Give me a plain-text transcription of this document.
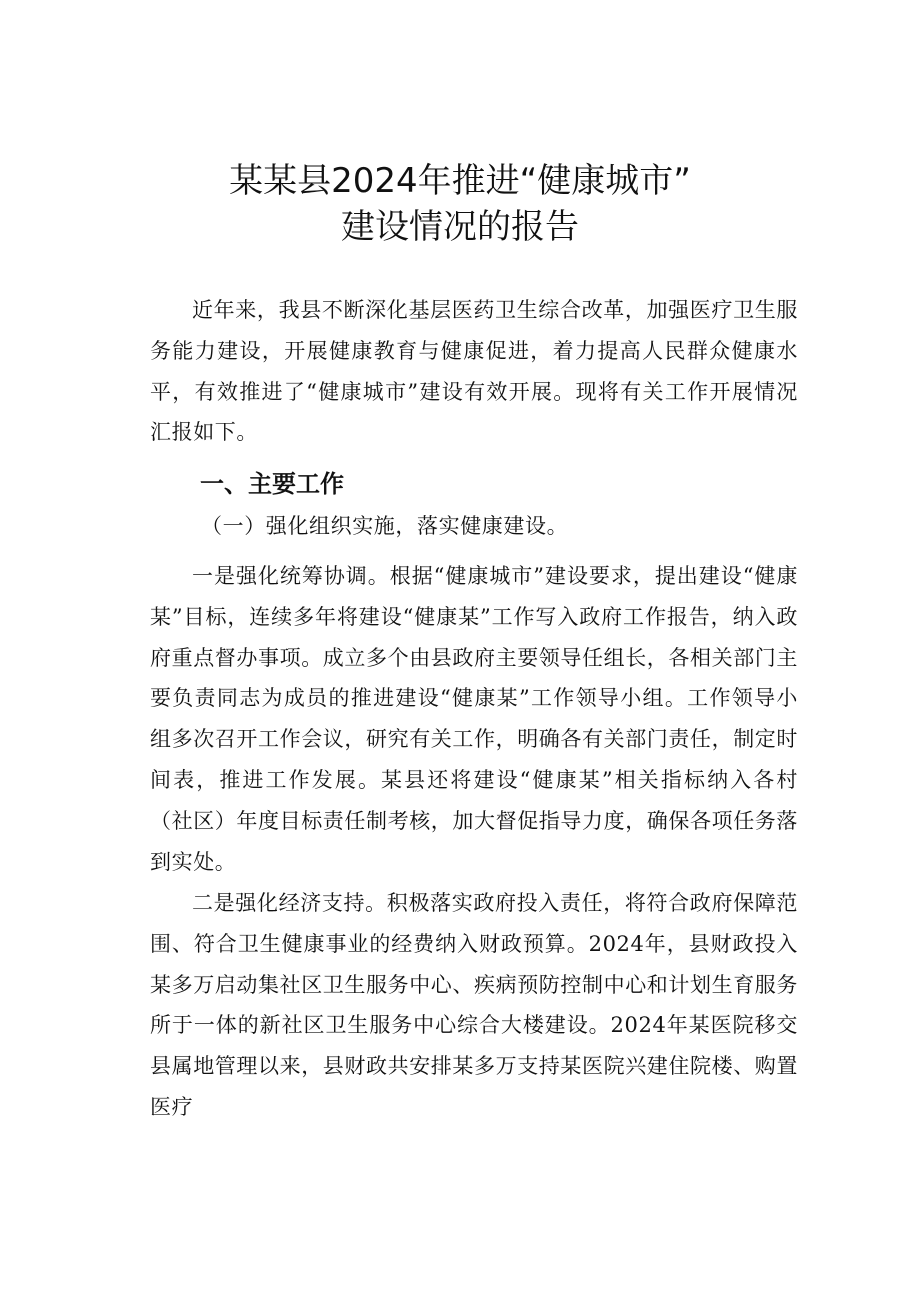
某某县2024年推进“健康城市”
建设情况的报告

近年来，我县不断深化基层医药卫生综合改革，加强医疗卫生服务能力建设，开展健康教育与健康促进，着力提高人民群众健康水平，有效推进了“健康城市”建设有效开展。现将有关工作开展情况汇报如下。

一、主要工作
（一）强化组织实施，落实健康建设。

一是强化统筹协调。根据“健康城市”建设要求，提出建设“健康某”目标，连续多年将建设“健康某”工作写入政府工作报告，纳入政府重点督办事项。成立多个由县政府主要领导任组长，各相关部门主要负责同志为成员的推进建设“健康某”工作领导小组。工作领导小组多次召开工作会议，研究有关工作，明确各有关部门责任，制定时间表，推进工作发展。某县还将建设“健康某”相关指标纳入各村（社区）年度目标责任制考核，加大督促指导力度，确保各项任务落到实处。

二是强化经济支持。积极落实政府投入责任，将符合政府保障范围、符合卫生健康事业的经费纳入财政预算。2024年，县财政投入某多万启动集社区卫生服务中心、疾病预防控制中心和计划生育服务所于一体的新社区卫生服务中心综合大楼建设。2024年某医院移交县属地管理以来，县财政共安排某多万支持某医院兴建住院楼、购置医疗
